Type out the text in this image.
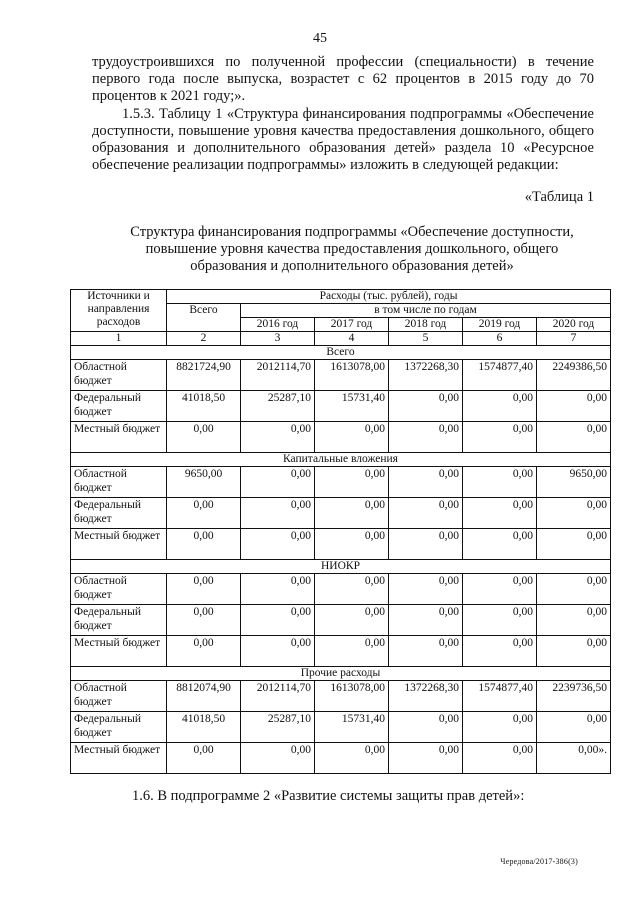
45
трудоустроившихся по полученной профессии (специальности) в течение первого года после выпуска, возрастет с 62 процентов в 2015 году до 70 процентов к 2021 году;».
1.5.3. Таблицу 1 «Структура финансирования подпрограммы «Обеспечение доступности, повышение уровня качества предоставления дошкольного, общего образования и дополнительного образования детей» раздела 10 «Ресурсное обеспечение реализации подпрограммы» изложить в следующей редакции:
«Таблица 1
Структура финансирования подпрограммы «Обеспечение доступности,
повышение уровня качества предоставления дошкольного, общего
образования и дополнительного образования детей»
Источники и направления расходов	Расходы (тыс. рублей), годы					
	Всего	в том числе по годам				
		2016 год	2017 год	2018 год	2019 год	2020 год
1	2	3	4	5	6	7
Всего						
Областной бюджет	8821724,90	2012114,70	1613078,00	1372268,30	1574877,40	2249386,50
Федеральный бюджет	41018,50	25287,10	15731,40	0,00	0,00	0,00
Местный бюджет	0,00	0,00	0,00	0,00	0,00	0,00
Капитальные вложения						
Областной бюджет	9650,00	0,00	0,00	0,00	0,00	9650,00
Федеральный бюджет	0,00	0,00	0,00	0,00	0,00	0,00
Местный бюджет	0,00	0,00	0,00	0,00	0,00	0,00
НИОКР						
Областной бюджет	0,00	0,00	0,00	0,00	0,00	0,00
Федеральный бюджет	0,00	0,00	0,00	0,00	0,00	0,00
Местный бюджет	0,00	0,00	0,00	0,00	0,00	0,00
Прочие расходы						
Областной бюджет	8812074,90	2012114,70	1613078,00	1372268,30	1574877,40	2239736,50
Федеральный бюджет	41018,50	25287,10	15731,40	0,00	0,00	0,00
Местный бюджет	0,00	0,00	0,00	0,00	0,00	0,00».
1.6. В подпрограмме 2 «Развитие системы защиты прав детей»:
Чередова/2017-386(3)
